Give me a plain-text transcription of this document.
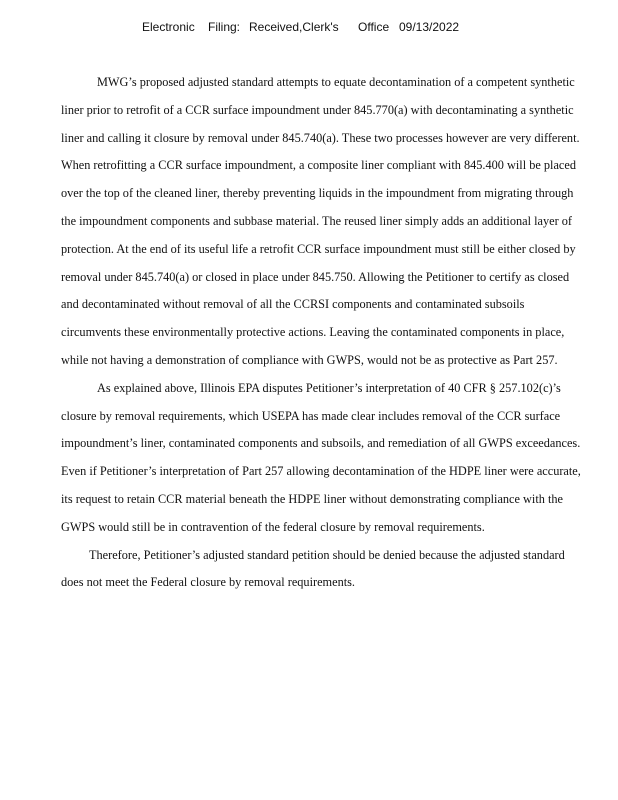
Electronic Filing: Received,Clerk's Office 09/13/2022
MWG’s proposed adjusted standard attempts to equate decontamination of a competent synthetic
liner prior to retrofit of a CCR surface impoundment under 845.770(a) with decontaminating a synthetic
liner and calling it closure by removal under 845.740(a). These two processes however are very different.
When retrofitting a CCR surface impoundment, a composite liner compliant with 845.400 will be placed
over the top of the cleaned liner, thereby preventing liquids in the impoundment from migrating through
the impoundment components and subbase material. The reused liner simply adds an additional layer of
protection. At the end of its useful life a retrofit CCR surface impoundment must still be either closed by
removal under 845.740(a) or closed in place under 845.750. Allowing the Petitioner to certify as closed
and decontaminated without removal of all the CCRSI components and contaminated subsoils
circumvents these environmentally protective actions. Leaving the contaminated components in place,
while not having a demonstration of compliance with GWPS, would not be as protective as Part 257.
As explained above, Illinois EPA disputes Petitioner’s interpretation of 40 CFR § 257.102(c)’s
closure by removal requirements, which USEPA has made clear includes removal of the CCR surface
impoundment’s liner, contaminated components and subsoils, and remediation of all GWPS exceedances.
Even if Petitioner’s interpretation of Part 257 allowing decontamination of the HDPE liner were accurate,
its request to retain CCR material beneath the HDPE liner without demonstrating compliance with the
GWPS would still be in contravention of the federal closure by removal requirements.
Therefore, Petitioner’s adjusted standard petition should be denied because the adjusted standard
does not meet the Federal closure by removal requirements.
